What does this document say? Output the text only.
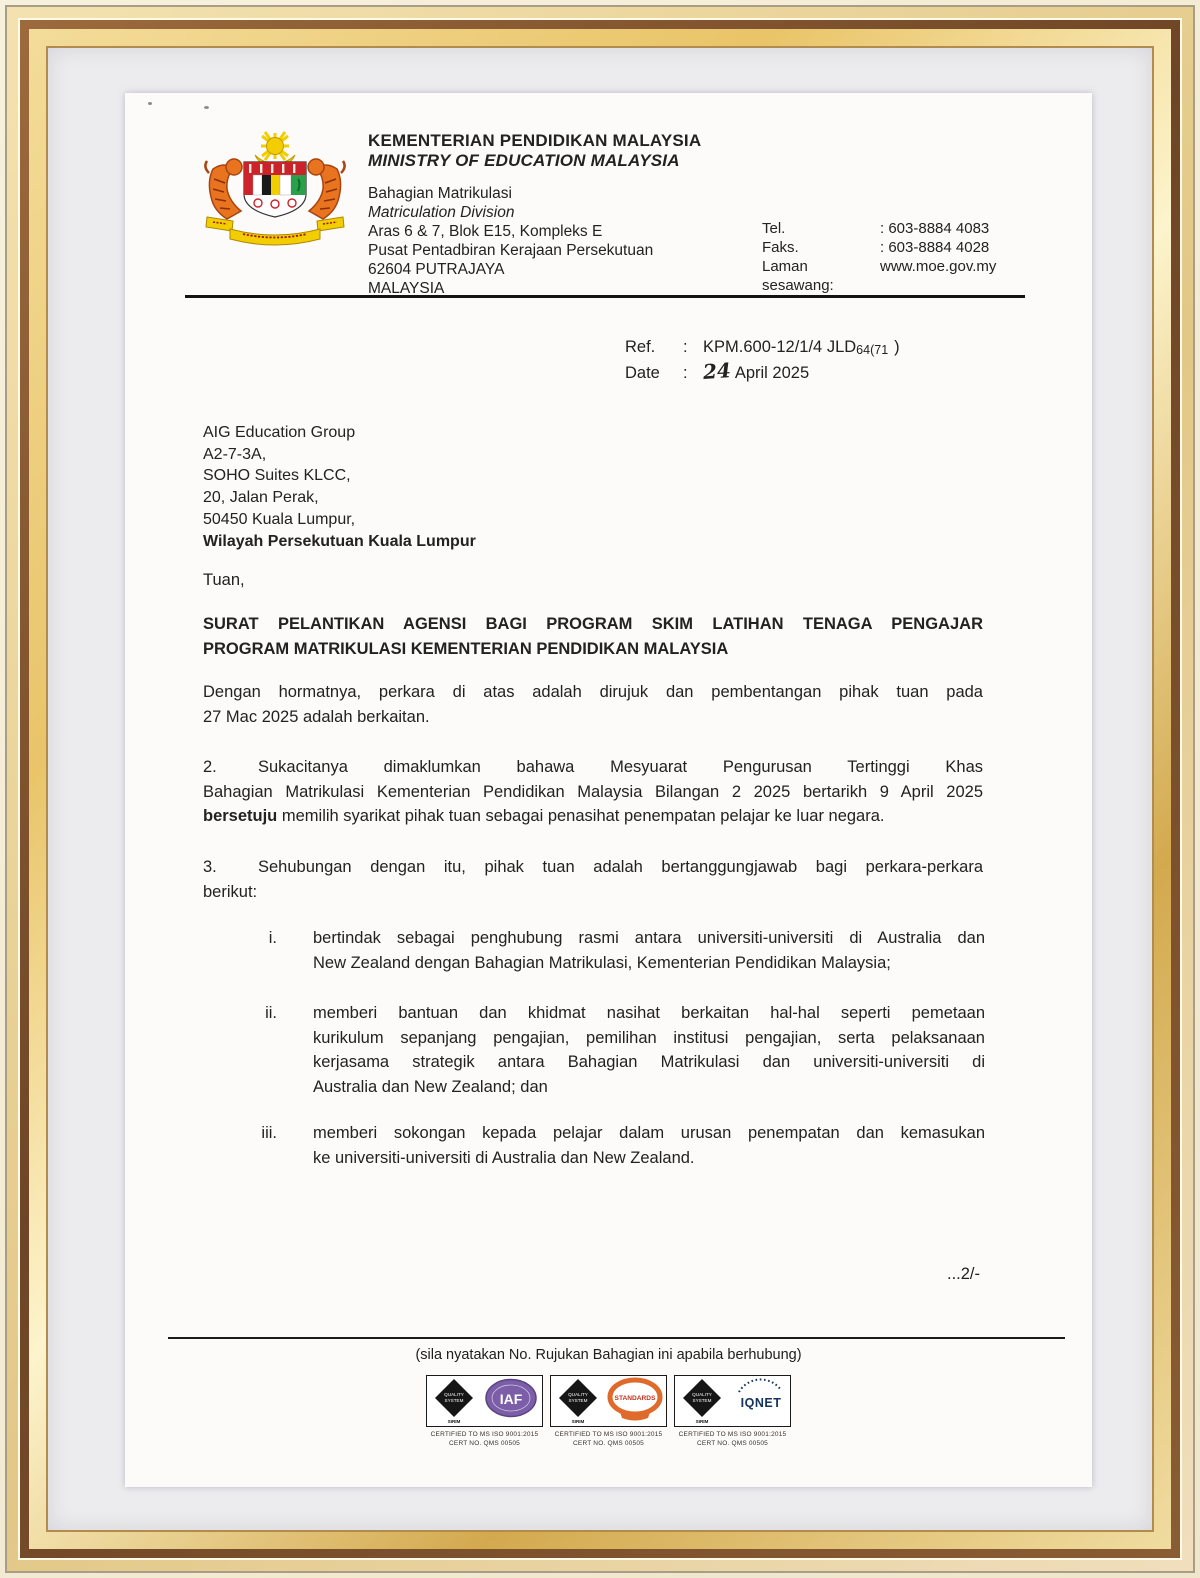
KEMENTERIAN PENDIDIKAN MALAYSIA
MINISTRY OF EDUCATION MALAYSIA
Bahagian Matrikulasi
Matriculation Division
Aras 6 & 7, Blok E15, Kompleks E
Pusat Pentadbiran Kerajaan Persekutuan
62604 PUTRAJAYA
MALAYSIA
Tel.	: 603-8884 4083
Faks.	: 603-8884 4028
Laman sesawang:
www.moe.gov.my
Ref.	: KPM.600-12/1/4 JLD 64(71 )
Date	: 24 April 2025
AIG Education Group
A2-7-3A,
SOHO Suites KLCC,
20, Jalan Perak,
50450 Kuala Lumpur,
Wilayah Persekutuan Kuala Lumpur
Tuan,
SURAT PELANTIKAN AGENSI BAGI PROGRAM SKIM LATIHAN TENAGA PENGAJAR
PROGRAM MATRIKULASI KEMENTERIAN PENDIDIKAN MALAYSIA
Dengan hormatnya, perkara di atas adalah dirujuk dan pembentangan pihak tuan pada
27 Mac 2025 adalah berkaitan.
2. Sukacitanya dimaklumkan bahawa Mesyuarat Pengurusan Tertinggi Khas
Bahagian Matrikulasi Kementerian Pendidikan Malaysia Bilangan 2 2025 bertarikh 9 April 2025
bersetuju memilih syarikat pihak tuan sebagai penasihat penempatan pelajar ke luar negara.
3. Sehubungan dengan itu, pihak tuan adalah bertanggungjawab bagi perkara-perkara
berikut:
i. bertindak sebagai penghubung rasmi antara universiti-universiti di Australia dan
New Zealand dengan Bahagian Matrikulasi, Kementerian Pendidikan Malaysia;
ii. memberi bantuan dan khidmat nasihat berkaitan hal-hal seperti pemetaan
kurikulum sepanjang pengajian, pemilihan institusi pengajian, serta pelaksanaan
kerjasama strategik antara Bahagian Matrikulasi dan universiti-universiti di
Australia dan New Zealand; dan
iii. memberi sokongan kepada pelajar dalam urusan penempatan dan kemasukan
ke universiti-universiti di Australia dan New Zealand.
...2/-
(sila nyatakan No. Rujukan Bahagian ini apabila berhubung)
QUALITY
SYSTEM
SIRIM
IAF
CERTIFIED TO MS ISO 9001:2015
CERT NO. QMS 00505
QUALITY
SYSTEM
SIRIM
STANDARDS
CERTIFIED TO MS ISO 9001:2015
CERT NO. QMS 00505
QUALITY
SYSTEM
SIRIM
IQNET
CERTIFIED TO MS ISO 9001:2015
CERT NO. QMS 00505
